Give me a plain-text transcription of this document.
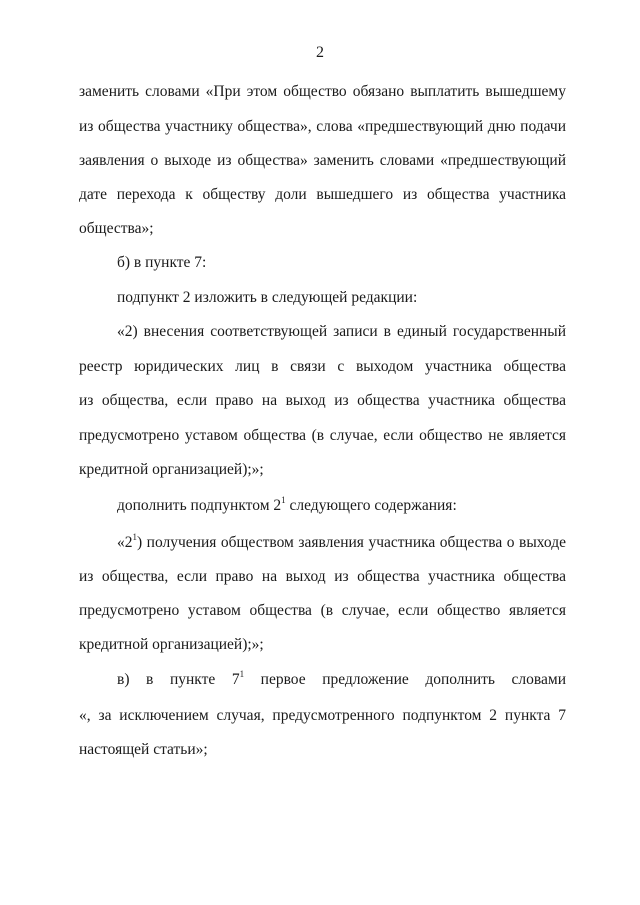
2
заменить словами «При этом общество обязано выплатить вышедшему
из общества участнику общества», слова «предшествующий дню подачи
заявления о выходе из общества» заменить словами «предшествующий
дате перехода к обществу доли вышедшего из общества участника
общества»;
б) в пункте 7:
подпункт 2 изложить в следующей редакции:
«2) внесения соответствующей записи в единый государственный
реестр юридических лиц в связи с выходом участника общества
из общества, если право на выход из общества участника общества
предусмотрено уставом общества (в случае, если общество не является
кредитной организацией);»;
дополнить подпунктом $2^1$ следующего содержания:
«$2^1$) получения обществом заявления участника общества о выходе
из общества, если право на выход из общества участника общества
предусмотрено уставом общества (в случае, если общество является
кредитной организацией);»;
в) в пункте $7^1$ первое предложение дополнить словами
«, за исключением случая, предусмотренного подпунктом 2 пункта 7
настоящей статьи»;
